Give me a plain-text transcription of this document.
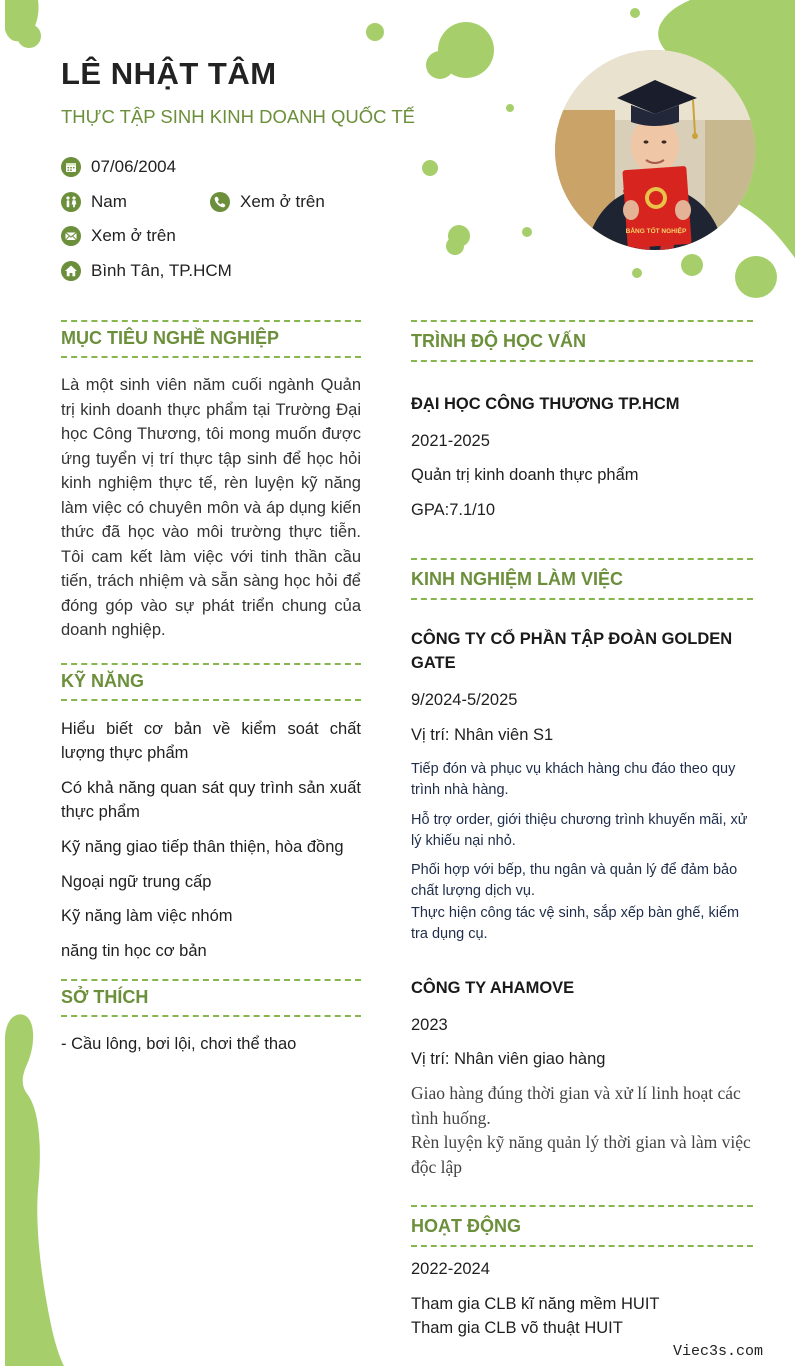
LÊ NHẬT TÂM
THỰC TẬP SINH KINH DOANH QUỐC TẾ
07/06/2004
Nam	Xem ở trên
Xem ở trên
Bình Tân, TP.HCM
BẰNG TỐT NGHIỆP
MỤC TIÊU NGHỀ NGHIỆP
Là một sinh viên năm cuối ngành Quản trị kinh doanh thực phẩm tại Trường Đại học Công Thương, tôi mong muốn được ứng tuyển vị trí thực tập sinh để học hỏi kinh nghiệm thực tế, rèn luyện kỹ năng làm việc có chuyên môn và áp dụng kiến thức đã học vào môi trường thực tiễn. Tôi cam kết làm việc với tinh thần cầu tiến, trách nhiệm và sẵn sàng học hỏi để đóng góp vào sự phát triển chung của doanh nghiệp.
KỸ NĂNG
Hiểu biết cơ bản về kiểm soát chất lượng thực phẩm
Có khả năng quan sát quy trình sản xuất thực phẩm
Kỹ năng giao tiếp thân thiện, hòa đồng
Ngoại ngữ trung cấp
Kỹ năng làm việc nhóm
năng tin học cơ bản
SỞ THÍCH
- Cầu lông, bơi lội, chơi thể thao
TRÌNH ĐỘ HỌC VẤN
ĐẠI HỌC CÔNG THƯƠNG TP.HCM
2021-2025
Quản trị kinh doanh thực phẩm
GPA:7.1/10
KINH NGHIỆM LÀM VIỆC
CÔNG TY CỔ PHẦN TẬP ĐOÀN GOLDEN GATE
9/2024-5/2025
Vị trí: Nhân viên S1
Tiếp đón và phục vụ khách hàng chu đáo theo quy trình nhà hàng.
Hỗ trợ order, giới thiệu chương trình khuyến mãi, xử lý khiếu nại nhỏ.
Phối hợp với bếp, thu ngân và quản lý để đảm bảo chất lượng dịch vụ.
Thực hiện công tác vệ sinh, sắp xếp bàn ghế, kiểm tra dụng cụ.
CÔNG TY AHAMOVE
2023
Vị trí: Nhân viên giao hàng
Giao hàng đúng thời gian và xử lí linh hoạt các tình huống.
Rèn luyện kỹ năng quản lý thời gian và làm việc độc lập
HOẠT ĐỘNG
2022-2024
Tham gia CLB kĩ năng mềm HUIT
Tham gia CLB võ thuật HUIT
Viec3s.com
